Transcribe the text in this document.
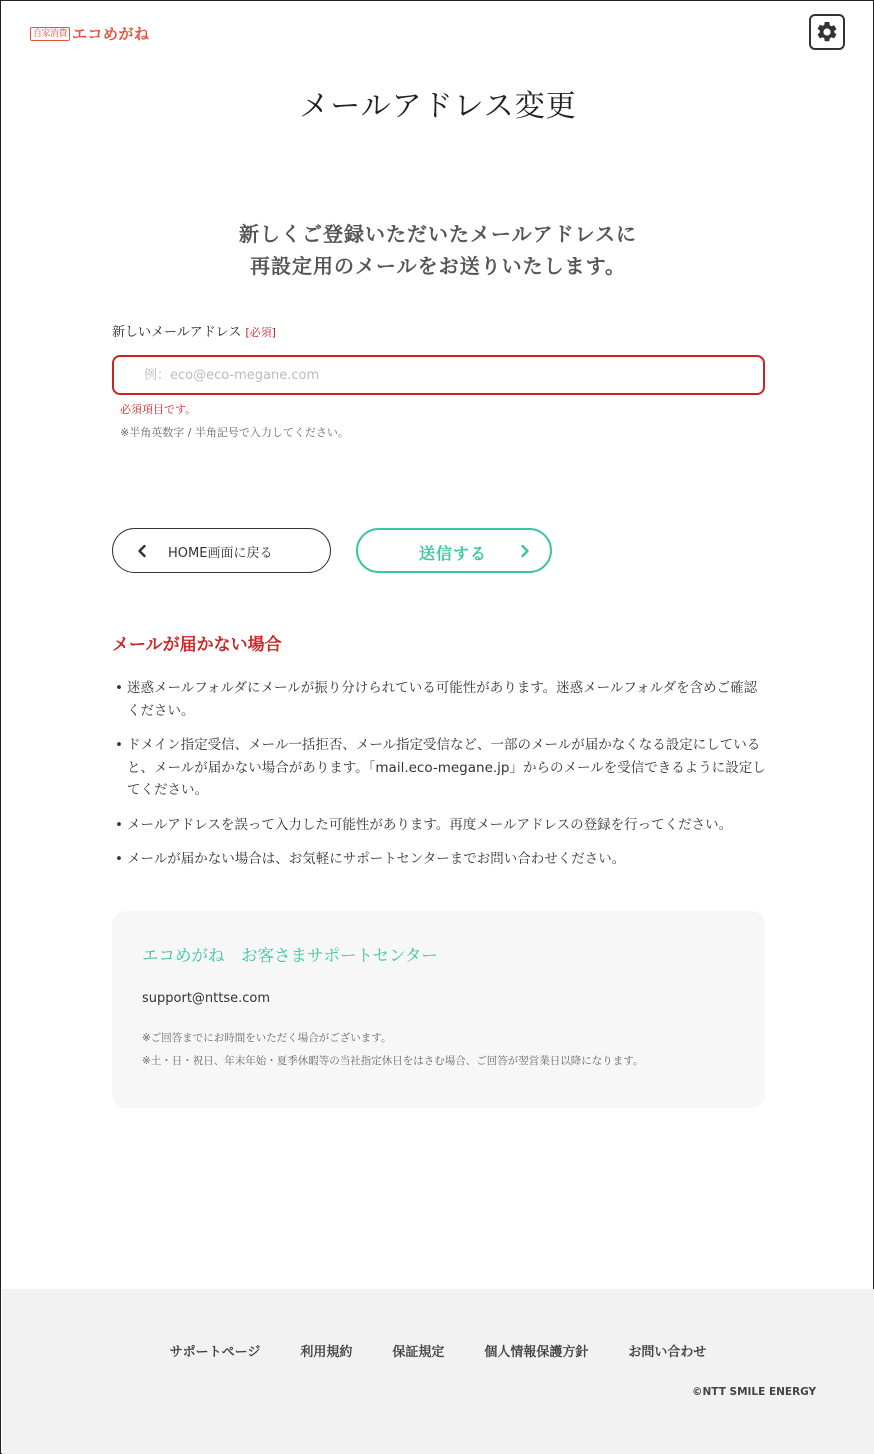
自家消費 エコめがね
メールアドレス変更
新しくご登録いただいたメールアドレスに
再設定用のメールをお送りいたします。
新しいメールアドレス [必須]
例：eco@eco-megane.com
必須項目です。
※半角英数字 / 半角記号で入力してください。
HOME画面に戻る	送信する
メールが届かない場合
• 迷惑メールフォルダにメールが振り分けられている可能性があります。迷惑メールフォルダを含めご確認ください。
• ドメイン指定受信、メール一括拒否、メール指定受信など、一部のメールが届かなくなる設定にしていると、メールが届かない場合があります。「mail.eco-megane.jp」からのメールを受信できるように設定してください。
• メールアドレスを誤って入力した可能性があります。再度メールアドレスの登録を行ってください。
• メールが届かない場合は、お気軽にサポートセンターまでお問い合わせください。
エコめがね　お客さまサポートセンター
support@nttse.com
※ご回答までにお時間をいただく場合がございます。
※土・日・祝日、年末年始・夏季休暇等の当社指定休日をはさむ場合、ご回答が翌営業日以降になります。
サポートページ	利用規約	保証規定	個人情報保護方針	お問い合わせ
©NTT SMILE ENERGY
